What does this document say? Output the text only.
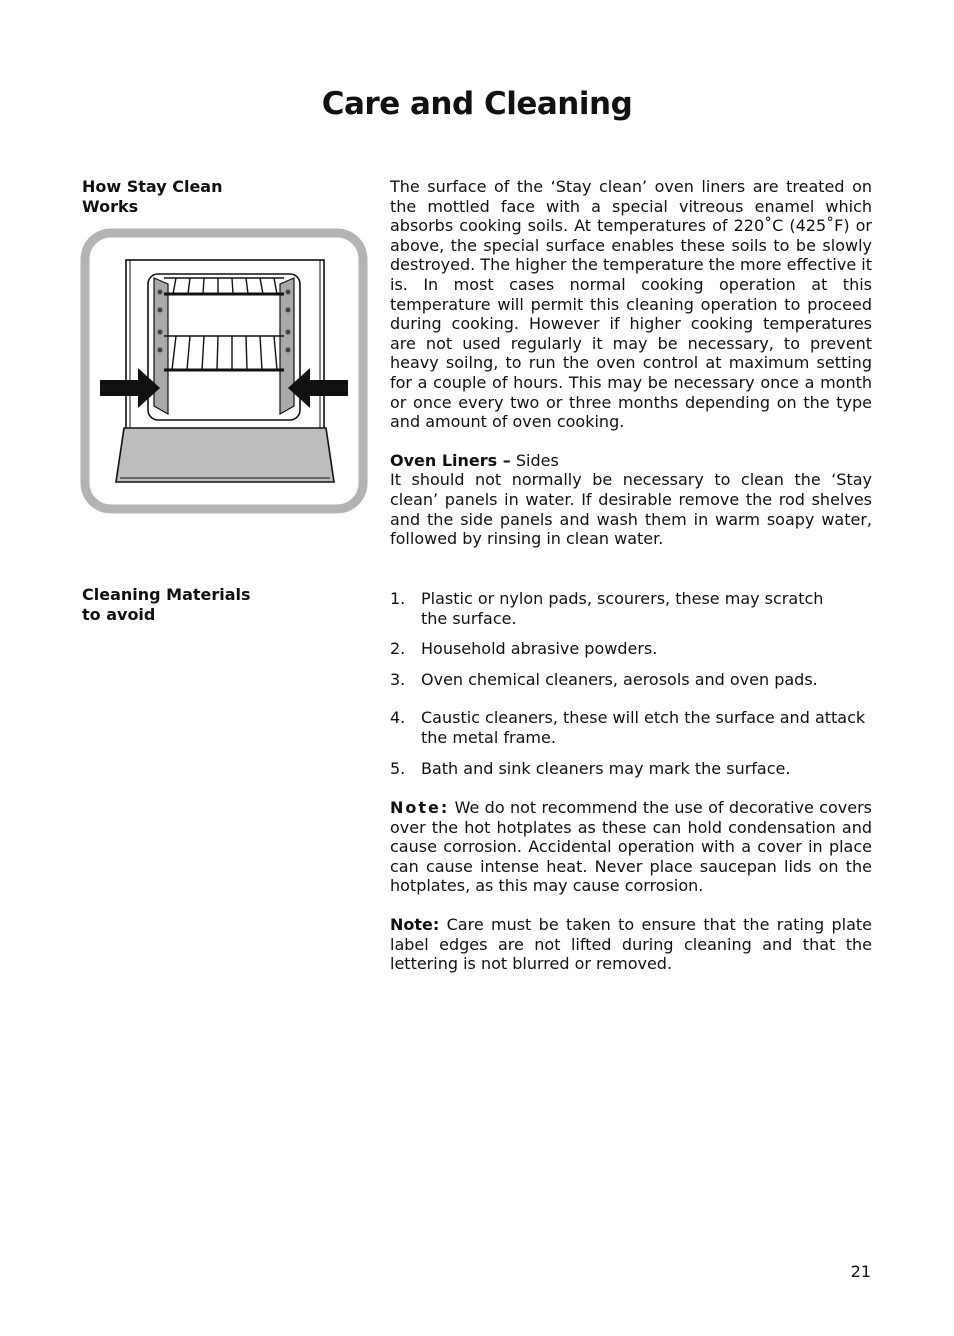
Care and Cleaning
How Stay Clean
Works

The surface of the ‘Stay clean’ oven liners are treated on the mottled face with a special vitreous enamel which absorbs cooking soils. At temperatures of 220˚C (425˚F) or above, the special surface enables these soils to be slowly destroyed. The higher the temperature the more effective it is. In most cases normal cooking operation at this temperature will permit this cleaning operation to proceed during cooking. However if higher cooking temperatures are not used regularly it may be necessary, to prevent heavy soilng, to run the oven control at maximum setting for a couple of hours. This may be necessary once a month or once every two or three months depending on the type and amount of oven cooking.

Oven Liners – Sides

It should not normally be necessary to clean the ‘Stay clean’ panels in water. If desirable remove the rod shelves and the side panels and wash them in warm soapy water, followed by rinsing in clean water.

Cleaning Materials
to avoid
1. Plastic or nylon pads, scourers, these may scratch
the surface.
2. Household abrasive powders.
3. Oven chemical cleaners, aerosols and oven pads.
4. Caustic cleaners, these will etch the surface and attack
the metal frame.
5. Bath and sink cleaners may mark the surface.

Note: We do not recommend the use of decorative covers over the hot hotplates as these can hold condensation and cause corrosion. Accidental operation with a cover in place can cause intense heat. Never place saucepan lids on the hotplates, as this may cause corrosion.

Note: Care must be taken to ensure that the rating plate label edges are not lifted during cleaning and that the lettering is not blurred or removed.

21
